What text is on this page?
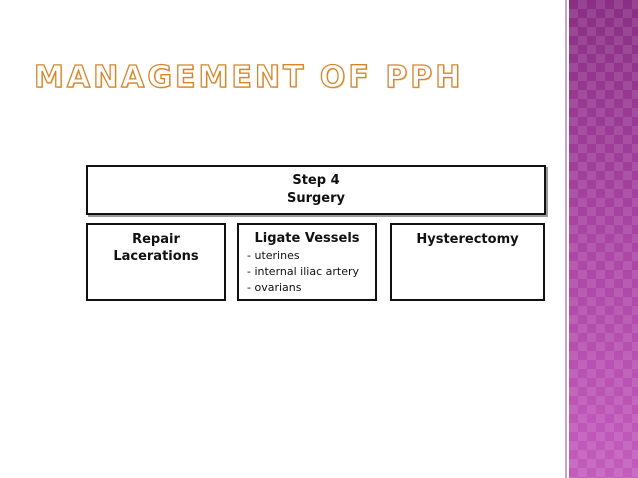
MANAGEMENT OF PPH
Step 4
Surgery
Repair
Lacerations
Ligate Vessels
- uterines
- internal iliac artery
- ovarians
Hysterectomy
